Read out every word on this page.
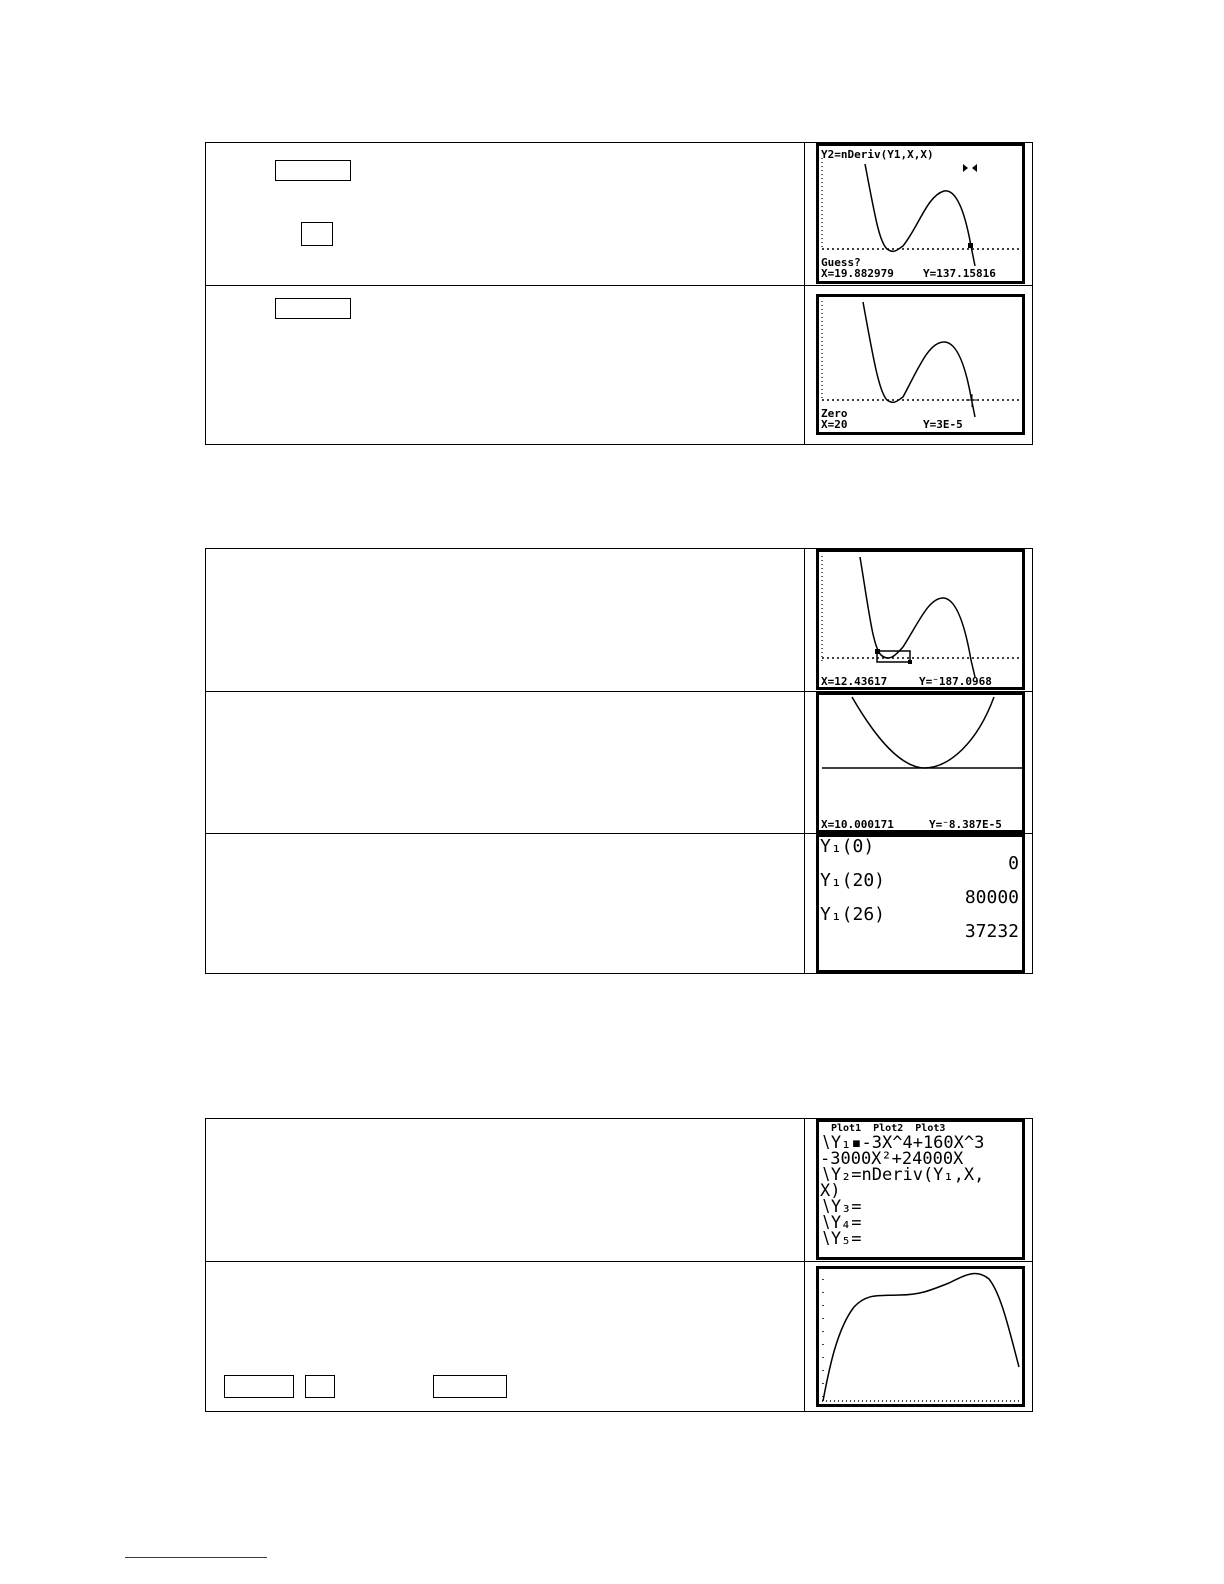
Y2=nDeriv(Y1,X,X)
Guess?
X=19.882979	Y=137.15816
Zero
X=20	Y=3E-5
X=12.43617	Y=⁻187.0968
X=10.000171	Y=⁻8.387E-5
Y₁(0)
0
Y₁(20)
80000
Y₁(26)
37232
Plot1  Plot2  Plot3
∖Y₁▪-3X^4+160X^3
-3000X²+24000X
∖Y₂=nDeriv(Y₁,X,
X)
∖Y₃=
∖Y₄=
∖Y₅=
